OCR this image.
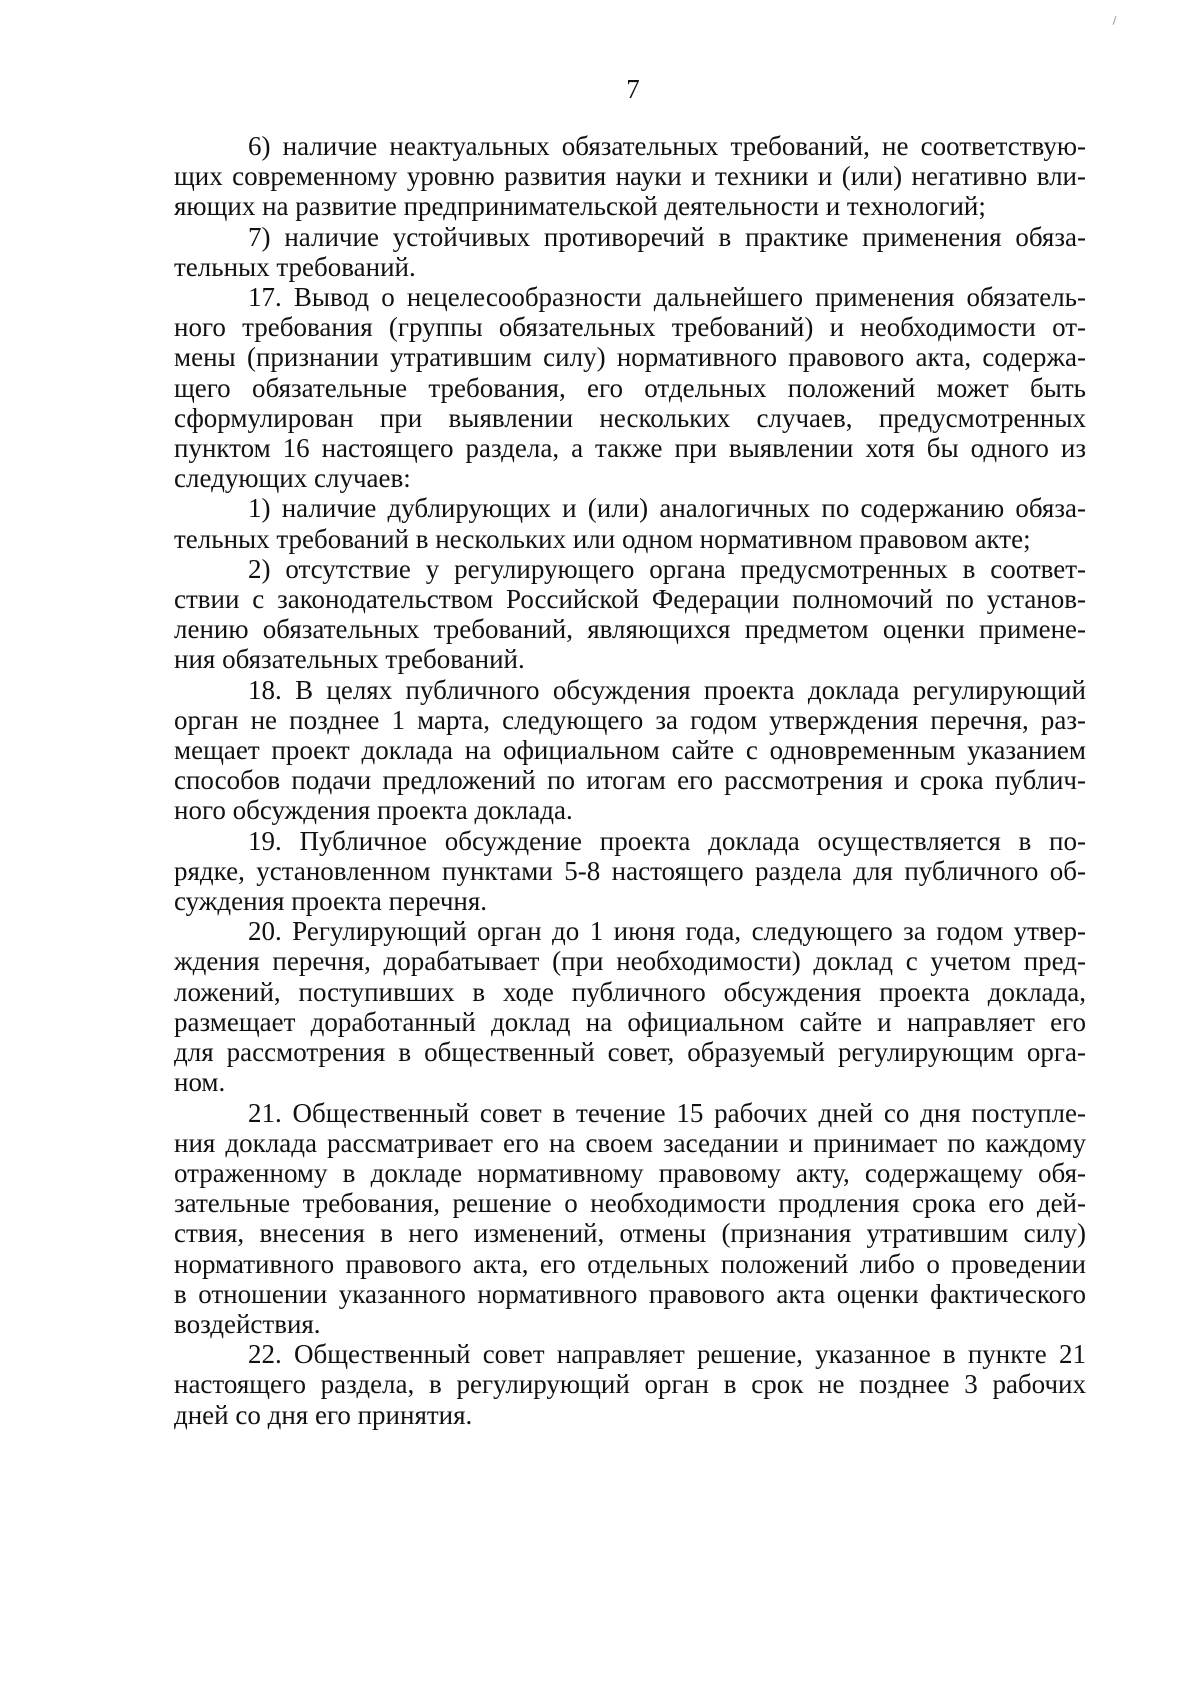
7

6) наличие неактуальных обязательных требований, не соответствую-
щих современному уровню развития науки и техники и (или) негативно вли-
яющих на развитие предпринимательской деятельности и технологий;

7) наличие устойчивых противоречий в практике применения обяза-
тельных требований.

17. Вывод о нецелесообразности дальнейшего применения обязатель-
ного требования (группы обязательных требований) и необходимости от-
мены (признании утратившим силу) нормативного правового акта, содержа-
щего обязательные требования, его отдельных положений может быть
сформулирован при выявлении нескольких случаев, предусмотренных
пунктом 16 настоящего раздела, а также при выявлении хотя бы одного из
следующих случаев:

1) наличие дублирующих и (или) аналогичных по содержанию обяза-
тельных требований в нескольких или одном нормативном правовом акте;

2) отсутствие у регулирующего органа предусмотренных в соответ-
ствии с законодательством Российской Федерации полномочий по установ-
лению обязательных требований, являющихся предметом оценки примене-
ния обязательных требований.

18. В целях публичного обсуждения проекта доклада регулирующий
орган не позднее 1 марта, следующего за годом утверждения перечня, раз-
мещает проект доклада на официальном сайте с одновременным указанием
способов подачи предложений по итогам его рассмотрения и срока публич-
ного обсуждения проекта доклада.

19. Публичное обсуждение проекта доклада осуществляется в по-
рядке, установленном пунктами 5-8 настоящего раздела для публичного об-
суждения проекта перечня.

20. Регулирующий орган до 1 июня года, следующего за годом утвер-
ждения перечня, дорабатывает (при необходимости) доклад с учетом пред-
ложений, поступивших в ходе публичного обсуждения проекта доклада,
размещает доработанный доклад на официальном сайте и направляет его
для рассмотрения в общественный совет, образуемый регулирующим орга-
ном.

21. Общественный совет в течение 15 рабочих дней со дня поступле-
ния доклада рассматривает его на своем заседании и принимает по каждому
отраженному в докладе нормативному правовому акту, содержащему обя-
зательные требования, решение о необходимости продления срока его дей-
ствия, внесения в него изменений, отмены (признания утратившим силу)
нормативного правового акта, его отдельных положений либо о проведении
в отношении указанного нормативного правового акта оценки фактического
воздействия.

22. Общественный совет направляет решение, указанное в пункте 21
настоящего раздела, в регулирующий орган в срок не позднее 3 рабочих
дней со дня его принятия.
